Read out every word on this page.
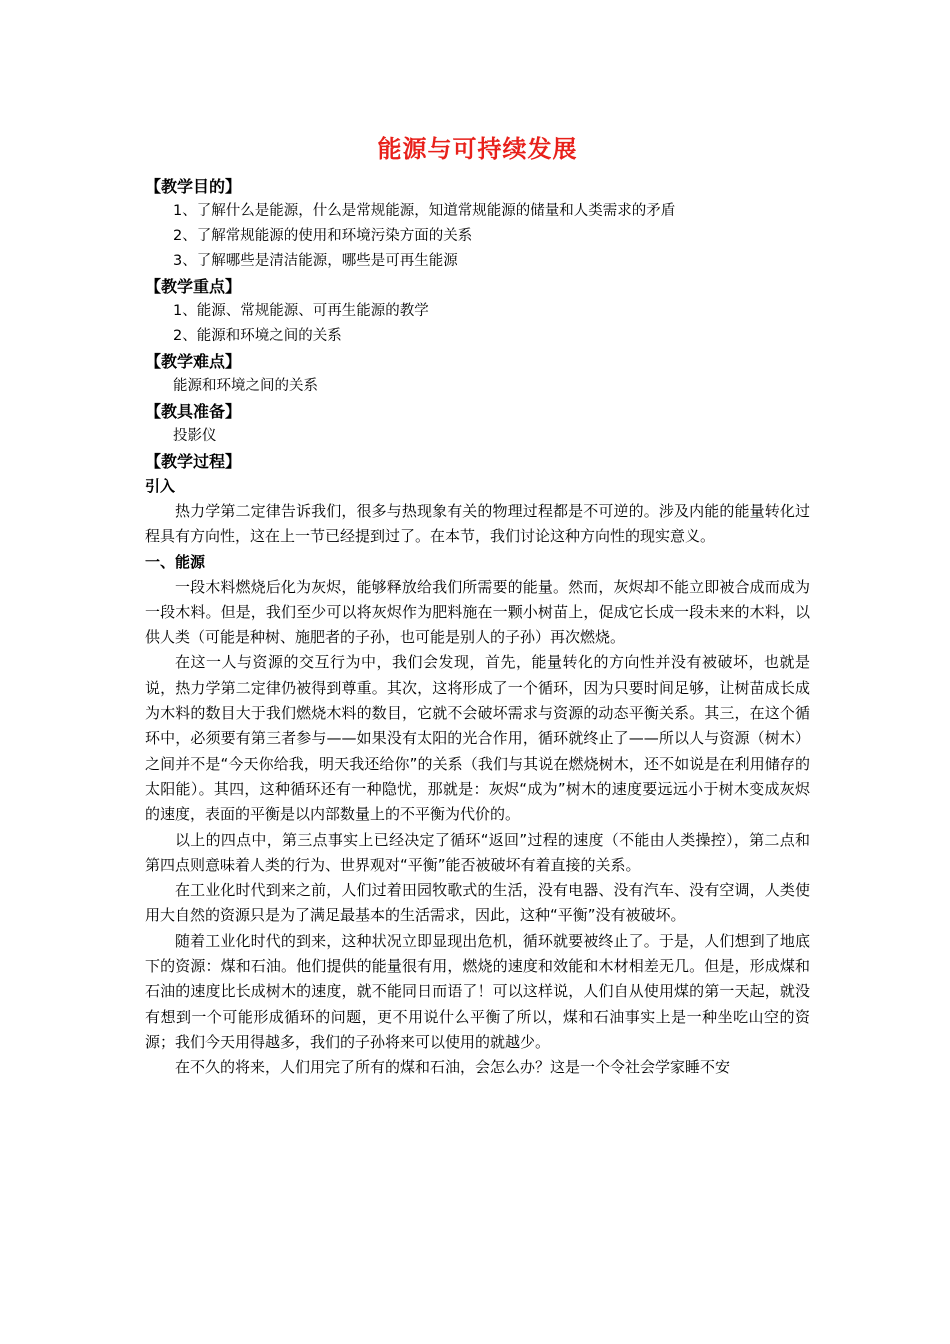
能源与可持续发展

【教学目的】

1、了解什么是能源，什么是常规能源，知道常规能源的储量和人类需求的矛盾

2、了解常规能源的使用和环境污染方面的关系

3、了解哪些是清洁能源，哪些是可再生能源

【教学重点】

1、能源、常规能源、可再生能源的教学

2、能源和环境之间的关系

【教学难点】

能源和环境之间的关系

【教具准备】

投影仪

【教学过程】

引入

热力学第二定律告诉我们，很多与热现象有关的物理过程都是不可逆的。涉及内能的能量转化过程具有方向性，这在上一节已经提到过了。在本节，我们讨论这种方向性的现实意义。

一、能源

一段木料燃烧后化为灰烬，能够释放给我们所需要的能量。然而，灰烬却不能立即被合成而成为一段木料。但是，我们至少可以将灰烬作为肥料施在一颗小树苗上，促成它长成一段未来的木料，以供人类（可能是种树、施肥者的子孙，也可能是别人的子孙）再次燃烧。

在这一人与资源的交互行为中，我们会发现，首先，能量转化的方向性并没有被破坏，也就是说，热力学第二定律仍被得到尊重。其次，这将形成了一个循环，因为只要时间足够，让树苗成长成为木料的数目大于我们燃烧木料的数目，它就不会破坏需求与资源的动态平衡关系。其三，在这个循环中，必须要有第三者参与——如果没有太阳的光合作用，循环就终止了——所以人与资源（树木）之间并不是“今天你给我，明天我还给你”的关系（我们与其说在燃烧树木，还不如说是在利用储存的太阳能）。其四，这种循环还有一种隐忧，那就是：灰烬“成为”树木的速度要远远小于树木变成灰烬的速度，表面的平衡是以内部数量上的不平衡为代价的。

以上的四点中，第三点事实上已经决定了循环“返回”过程的速度（不能由人类操控），第二点和第四点则意味着人类的行为、世界观对“平衡”能否被破坏有着直接的关系。

在工业化时代到来之前，人们过着田园牧歌式的生活，没有电器、没有汽车、没有空调，人类使用大自然的资源只是为了满足最基本的生活需求，因此，这种“平衡”没有被破坏。

随着工业化时代的到来，这种状况立即显现出危机，循环就要被终止了。于是，人们想到了地底下的资源：煤和石油。他们提供的能量很有用，燃烧的速度和效能和木材相差无几。但是，形成煤和石油的速度比长成树木的速度，就不能同日而语了！可以这样说，人们自从使用煤的第一天起，就没有想到一个可能形成循环的问题，更不用说什么平衡了所以，煤和石油事实上是一种坐吃山空的资源；我们今天用得越多，我们的子孙将来可以使用的就越少。

在不久的将来，人们用完了所有的煤和石油，会怎么办？这是一个令社会学家睡不安
